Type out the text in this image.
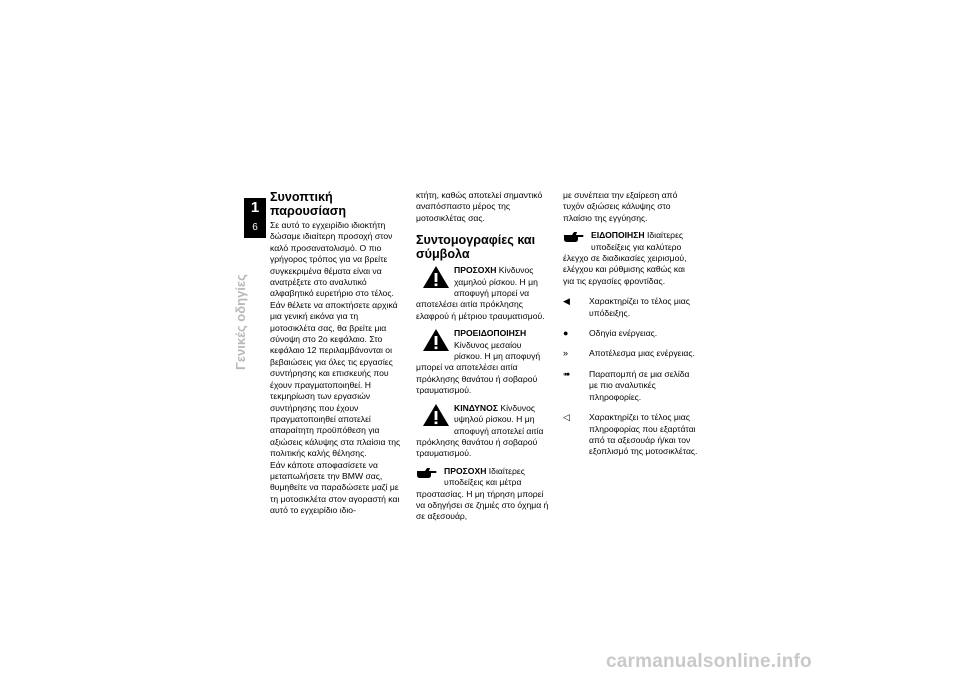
1
6
Γενικές οδηγίες
Συνοπτική παρουσίαση

Σε αυτό το εγχειρίδιο ιδιοκτήτη δώσαμε ιδιαίτερη προσοχή στον καλό προσανατολισμό. Ο πιο γρήγορος τρόπος για να βρείτε συγκεκριμένα θέματα είναι να ανατρέξετε στο αναλυτικό αλφαβητικό ευρετήριο στο τέλος. Εάν θέλετε να αποκτήσετε αρχικά μια γενική εικόνα για τη μοτοσικλέτα σας, θα βρείτε μια σύνοψη στο 2ο κεφάλαιο. Στο κεφάλαιο 12 περιλαμβάνονται οι βεβαιώσεις για όλες τις εργασίες συντήρησης και επισκευής που έχουν πραγματοποιηθεί. Η τεκμηρίωση των εργασιών συντήρησης που έχουν πραγματοποιηθεί αποτελεί απαραίτητη προϋπόθεση για αξιώσεις κάλυψης στα πλαίσια της πολιτικής καλής θέλησης.

Εάν κάποτε αποφασίσετε να μεταπωλήσετε την BMW σας, θυμηθείτε να παραδώσετε μαζί με τη μοτοσικλέτα στον αγοραστή και αυτό το εγχειρίδιο ιδιο-

κτήτη, καθώς αποτελεί σημαντικό αναπόσπαστο μέρος της μοτοσικλέτας σας.

Συντομογραφίες και σύμβολα
ΠΡΟΣΟΧΗ Κίνδυνος χαμηλού ρίσκου. Η μη αποφυγή μπορεί να αποτελέσει αιτία πρόκλησης ελαφρού ή μέτριου τραυματισμού.
ΠΡΟΕΙΔΟΠΟΙΗΣΗ Κίνδυνος μεσαίου ρίσκου. Η μη αποφυγή μπορεί να αποτελέσει αιτία πρόκλησης θανάτου ή σοβαρού τραυματισμού.
ΚΙΝΔΥΝΟΣ Κίνδυνος υψηλού ρίσκου. Η μη αποφυγή αποτελεί αιτία πρόκλησης θανάτου ή σοβαρού τραυματισμού.
ΠΡΟΣΟΧΗ Ιδιαίτερες υποδείξεις και μέτρα προστασίας. Η μη τήρηση μπορεί να οδηγήσει σε ζημιές στο όχημα ή σε αξεσουάρ,

με συνέπεια την εξαίρεση από τυχόν αξιώσεις κάλυψης στο πλαίσιο της εγγύησης.

ΕΙΔΟΠΟΙΗΣΗ Ιδιαίτερες υποδείξεις για καλύτερο έλεγχο σε διαδικασίες χειρισμού, ελέγχου και ρύθμισης καθώς και για τις εργασίες φροντίδας.
◀	Χαρακτηρίζει το τέλος μιας υπόδειξης.
●	Οδηγία ενέργειας.
»	Αποτέλεσμα μιας ενέργειας.
➠	Παραπομπή σε μια σελίδα με πιο αναλυτικές πληροφορίες.
◁	Χαρακτηρίζει το τέλος μιας πληροφορίας που εξαρτάται από τα αξεσουάρ ή/και τον εξοπλισμό της μοτοσικλέτας.
carmanualsonline.info
